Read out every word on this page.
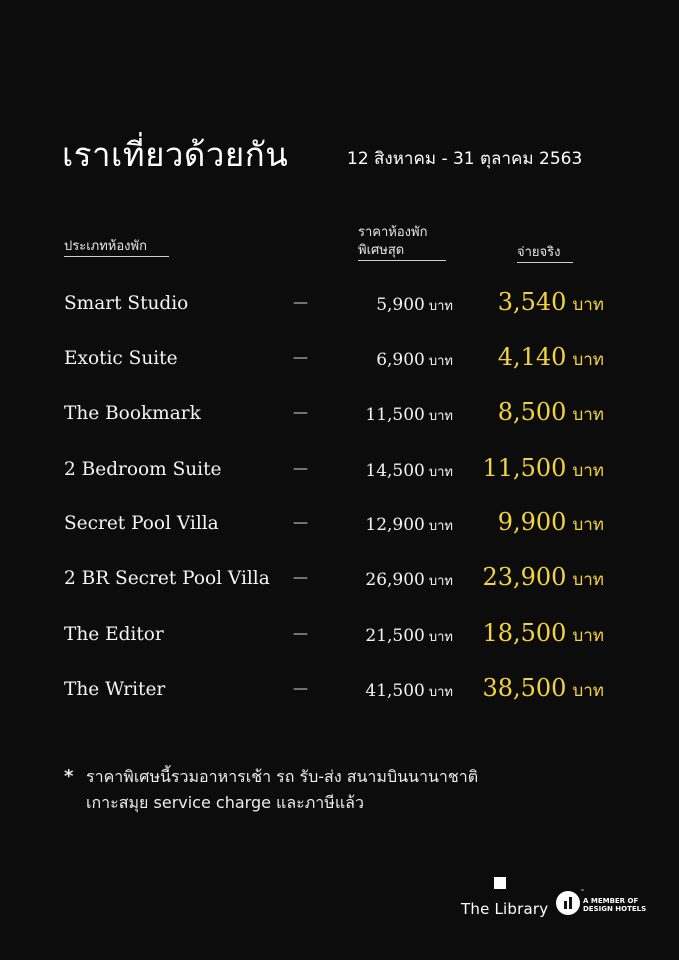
เราเที่ยวด้วยกัน	12 สิงหาคม - 31 ตุลาคม 2563
ประเภทห้องพัก
ราคาห้องพัก
พิเศษสุด	จ่ายจริง
Smart Studio	—	5,900 บาท 3,540 บาท
Exotic Suite	—	6,900 บาท 4,140 บาท
The Bookmark	—	11,500 บาท 8,500 บาท
2 Bedroom Suite	—	14,500 บาท 11,500 บาท
Secret Pool Villa	—	12,900 บาท 9,900 บาท
2 BR Secret Pool Villa —	26,900 บาท 23,900 บาท
The Editor	—	21,500 บาท 18,500 บาท
The Writer	—	41,500 บาท 38,500 บาท
* ราคาพิเศษนี้รวมอาหารเช้า รถ รับ-ส่ง สนามบินนานาชาติ
เกาะสมุย service charge และภาษีแล้ว
The Library
™
A MEMBER OF
DESIGN HOTELS
